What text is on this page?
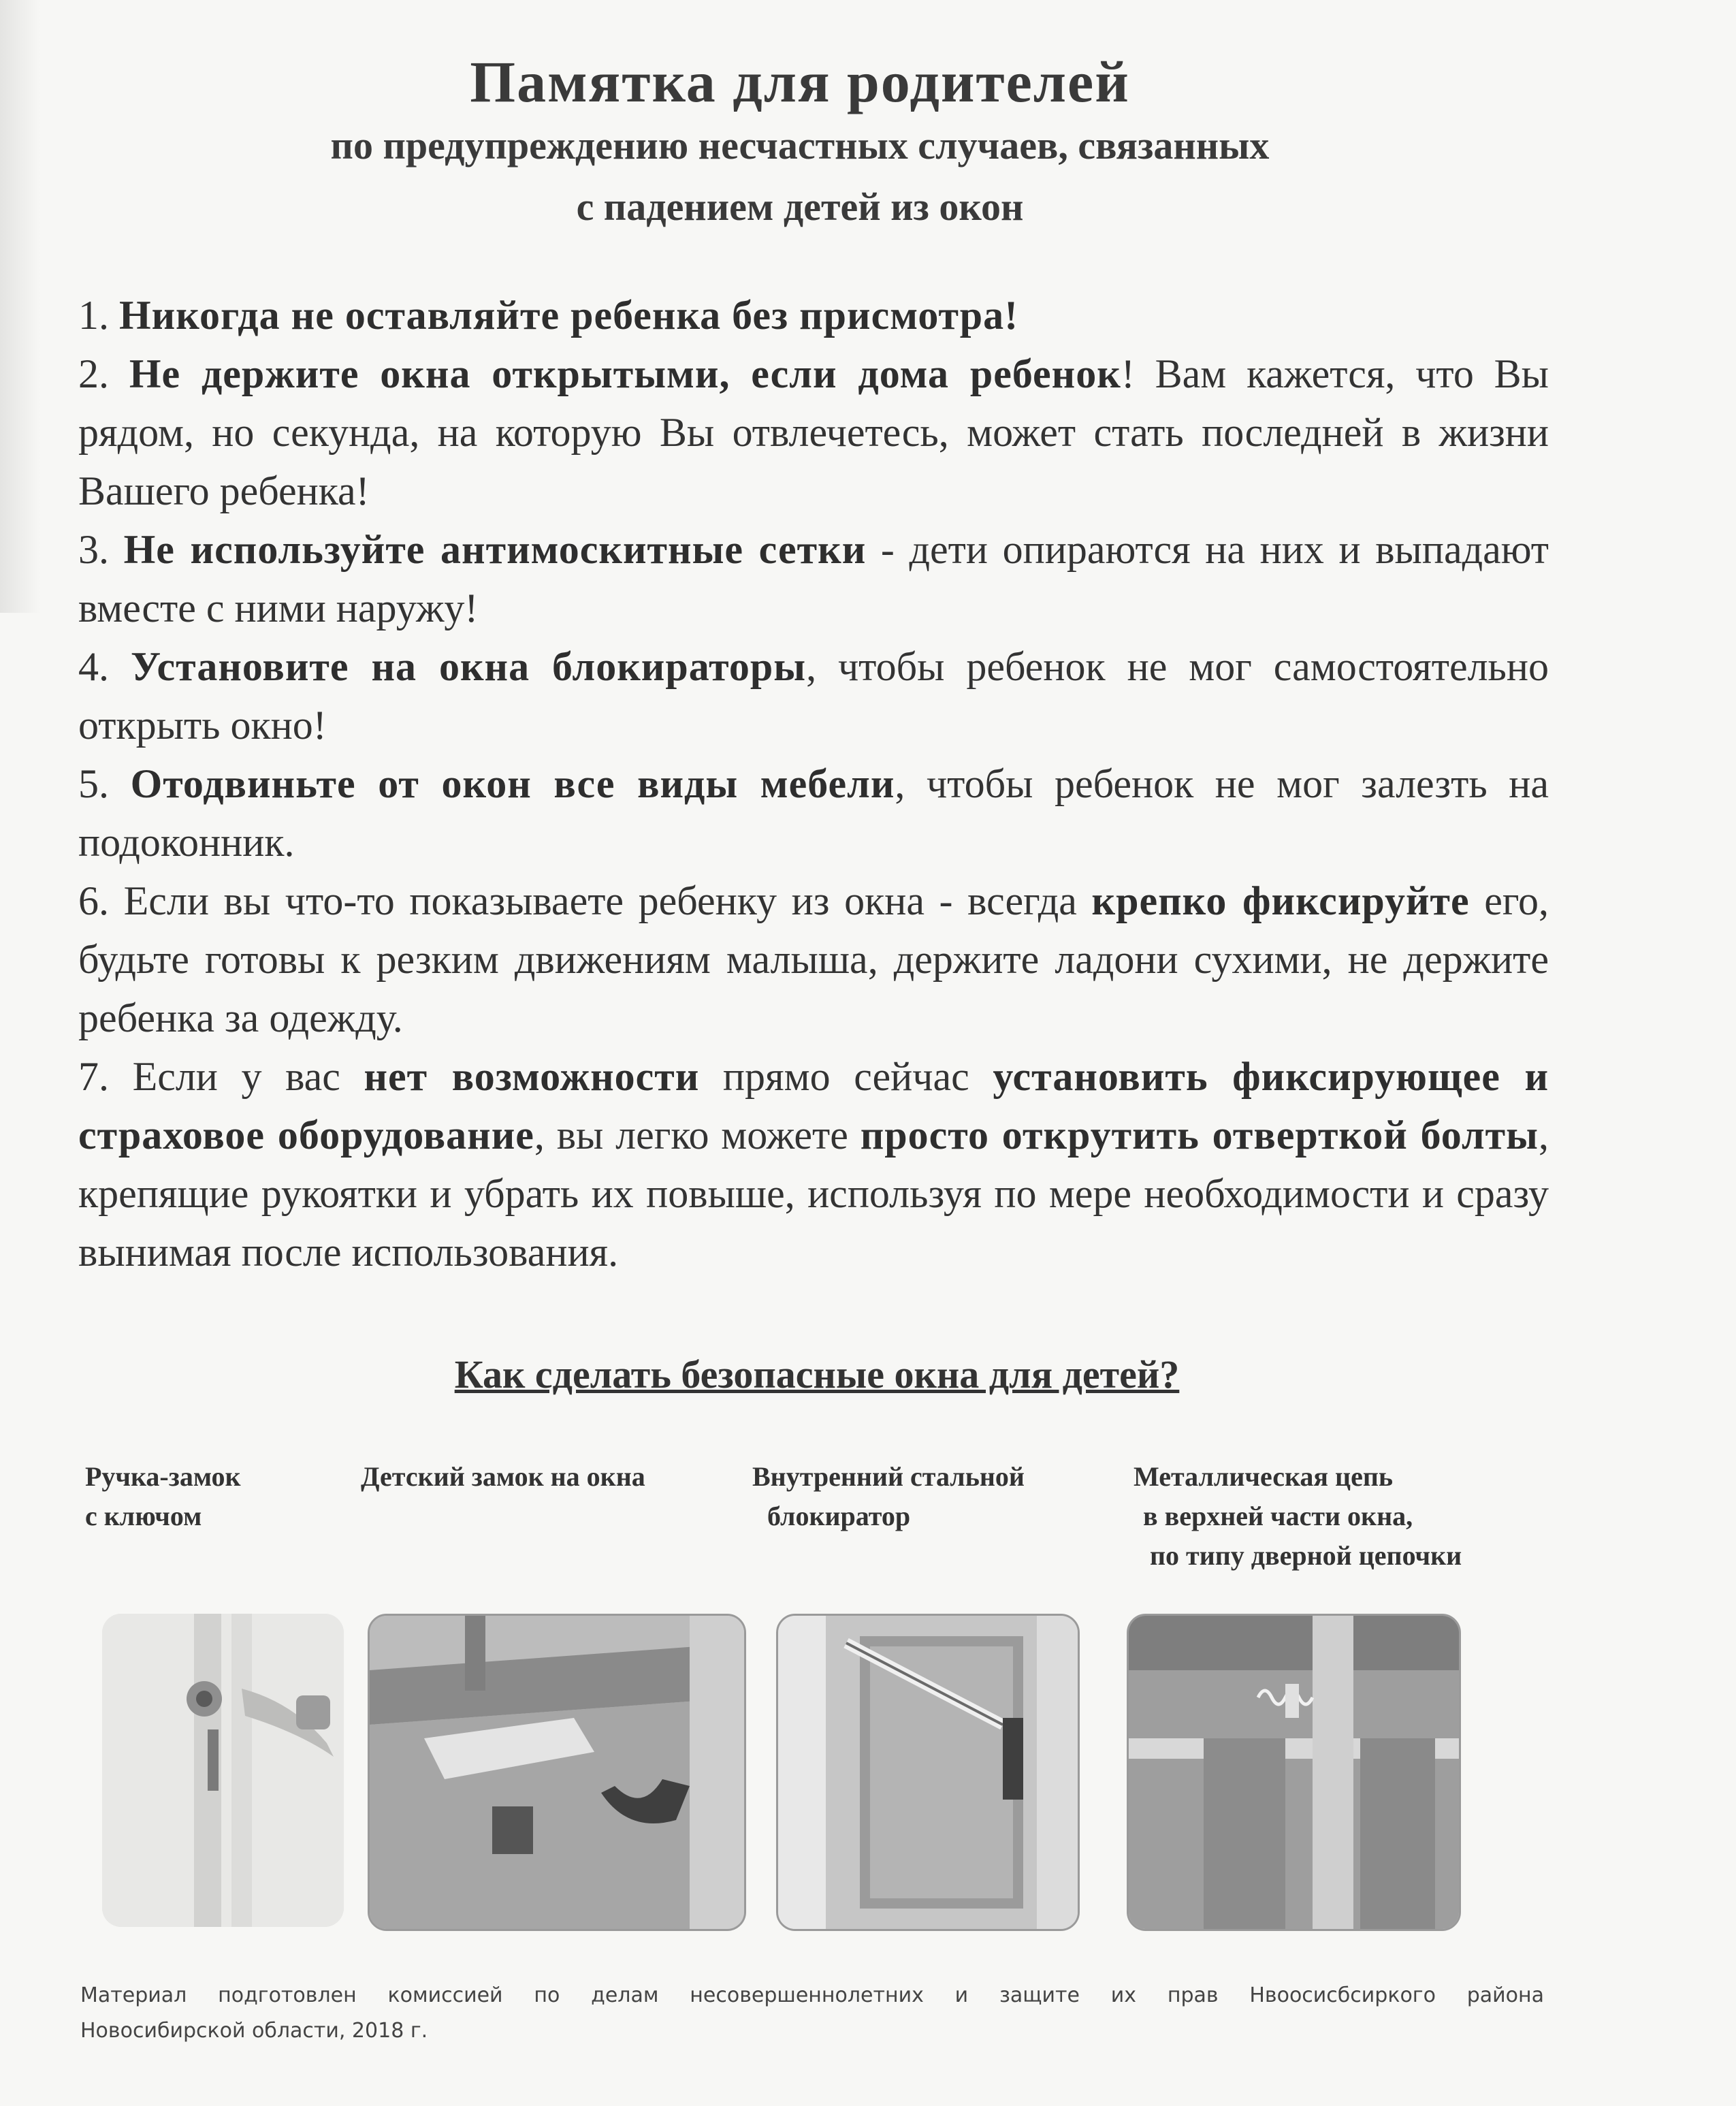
Памятка для родителей
по предупреждению несчастных случаев, связанных
с падением детей из окон

1. Никогда не оставляйте ребенка без присмотра!

2. Не держите окна открытыми, если дома ребенок! Вам кажется, что Вы рядом, но секунда, на которую Вы отвлечетесь, может стать последней в жизни Вашего ребенка!

3. Не используйте антимоскитные сетки - дети опираются на них и выпадают вместе с ними наружу!

4. Установите на окна блокираторы, чтобы ребенок не мог самостоятельно открыть окно!

5. Отодвиньте от окон все виды мебели, чтобы ребенок не мог залезть на подоконник.

6. Если вы что-то показываете ребенку из окна - всегда крепко фиксируйте его, будьте готовы к резким движениям малыша, держите ладони сухими, не держите ребенка за одежду.

7. Если у вас нет возможности прямо сейчас установить фиксирующее и страховое оборудование, вы легко можете просто открутить отверткой болты, крепящие рукоятки и убрать их повыше, используя по мере необходимости и сразу вынимая после использования.

Как сделать безопасные окна для детей?
Ручка-замок
с ключом
Детский замок на окна	Внутренний стальной
блокиратор
Металлическая цепь
в верхней части окна,
по типу дверной цепочки
Материал подготовлен комиссией по делам несовершеннолетних и защите их прав Нвоосисбсиркого района
Новосибирской области, 2018 г.
